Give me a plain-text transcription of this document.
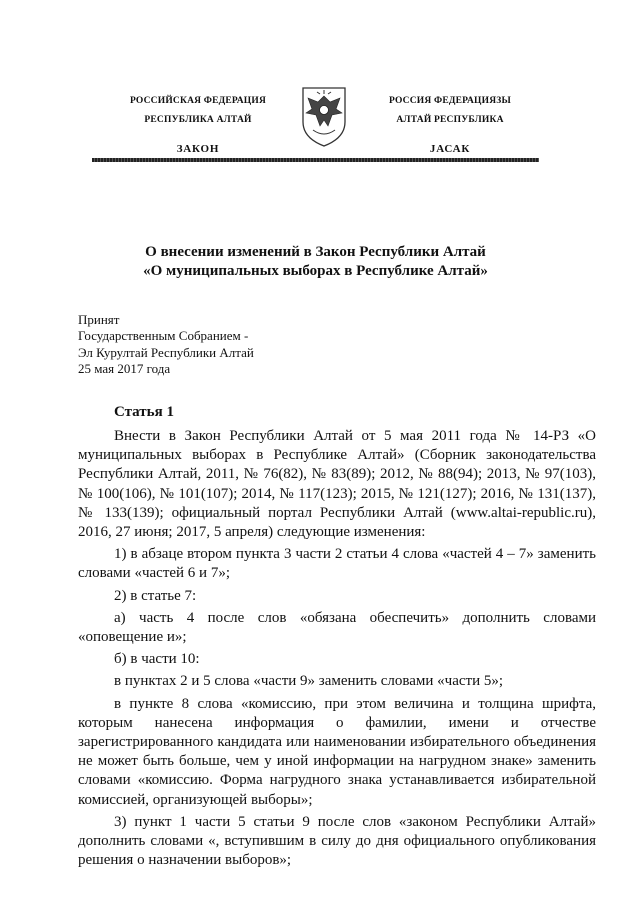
РОССИЙСКАЯ ФЕДЕРАЦИЯ
РЕСПУБЛИКА АЛТАЙ
ЗАКОН
РОССИЯ ФЕДЕРАЦИЯЗЫ
АЛТАЙ РЕСПУБЛИКА
JАСАК
О внесении изменений в Закон Республики Алтай
«О муниципальных выборах в Республике Алтай»
Принят
Государственным Собранием -
Эл Курултай Республики Алтай
25 мая 2017 года
Статья 1

Внести в Закон Республики Алтай от 5 мая 2011 года № 14-РЗ «О муниципальных выборах в Республике Алтай» (Сборник законодательства Республики Алтай, 2011, № 76(82), № 83(89); 2012, № 88(94); 2013, № 97(103), № 100(106), № 101(107); 2014, № 117(123); 2015, № 121(127); 2016, № 131(137), № 133(139); официальный портал Республики Алтай (www.altai-republic.ru), 2016, 27 июня; 2017, 5 апреля) следующие изменения:

1) в абзаце втором пункта 3 части 2 статьи 4 слова «частей 4 – 7» заменить словами «частей 6 и 7»;

2) в статье 7:

а) часть 4 после слов «обязана обеспечить» дополнить словами «оповещение и»;

б) в части 10:

в пунктах 2 и 5 слова «части 9» заменить словами «части 5»;

в пункте 8 слова «комиссию, при этом величина и толщина шрифта, которым нанесена информация о фамилии, имени и отчестве зарегистрированного кандидата или наименовании избирательного объединения не может быть больше, чем у иной информации на нагрудном знаке» заменить словами «комиссию. Форма нагрудного знака устанавливается избирательной комиссией, организующей выборы»;

3) пункт 1 части 5 статьи 9 после слов «законом Республики Алтай» дополнить словами «, вступившим в силу до дня официального опубликования решения о назначении выборов»;
